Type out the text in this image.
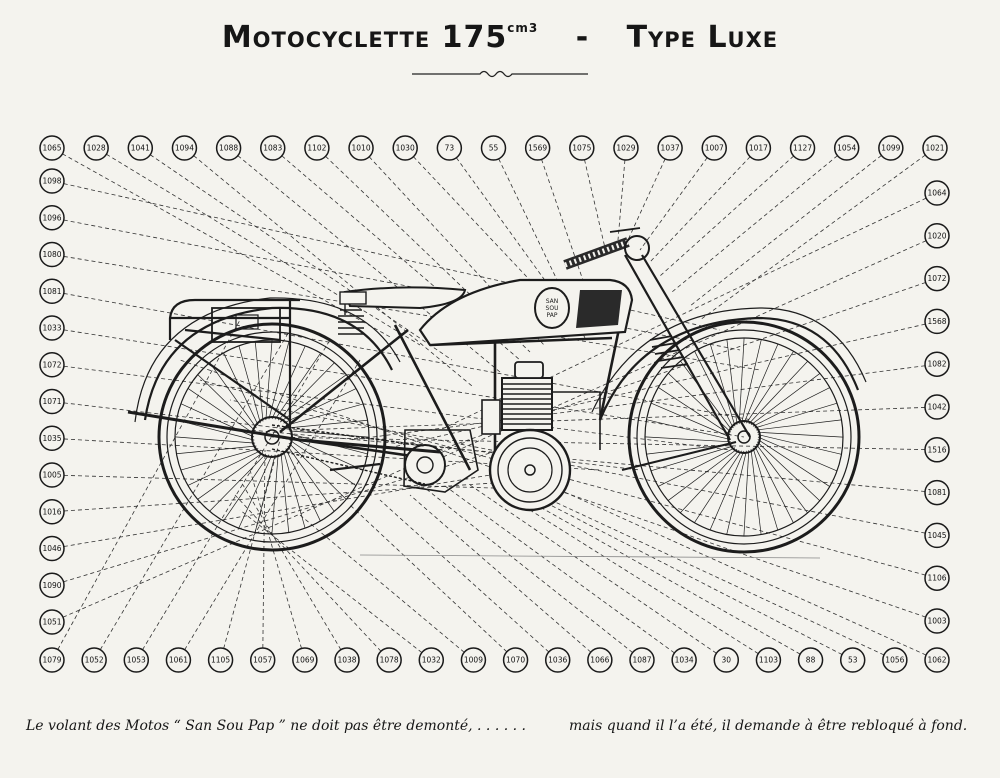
Motocyclette $175^{cm3}$ - Type Luxe
SAN SOU PAP
1065	1028	1041	1094	1088	1083	1102	1010	1030	73	55	1569	1075	1029	1037	1007	1017	1127	1054	1099	1021
1098
1096
1080
1081
1033
1072
1071
1035
1005
1016
1046
1090
1051
1064
1020
1072
1568
1082
1042
1516
1081
1045
1106
1003
1079	1052	1053	1061	1105	1057	1069	1038	1078	1032	1009	1070	1036	1066	1087	1034	30	1103	88	53	1056	1062
Le volant des Motos “ San Sou Pap ” ne doit pas être demonté, . . . . . .	mais quand il l’a été, il demande à être rebloqué à fond.
